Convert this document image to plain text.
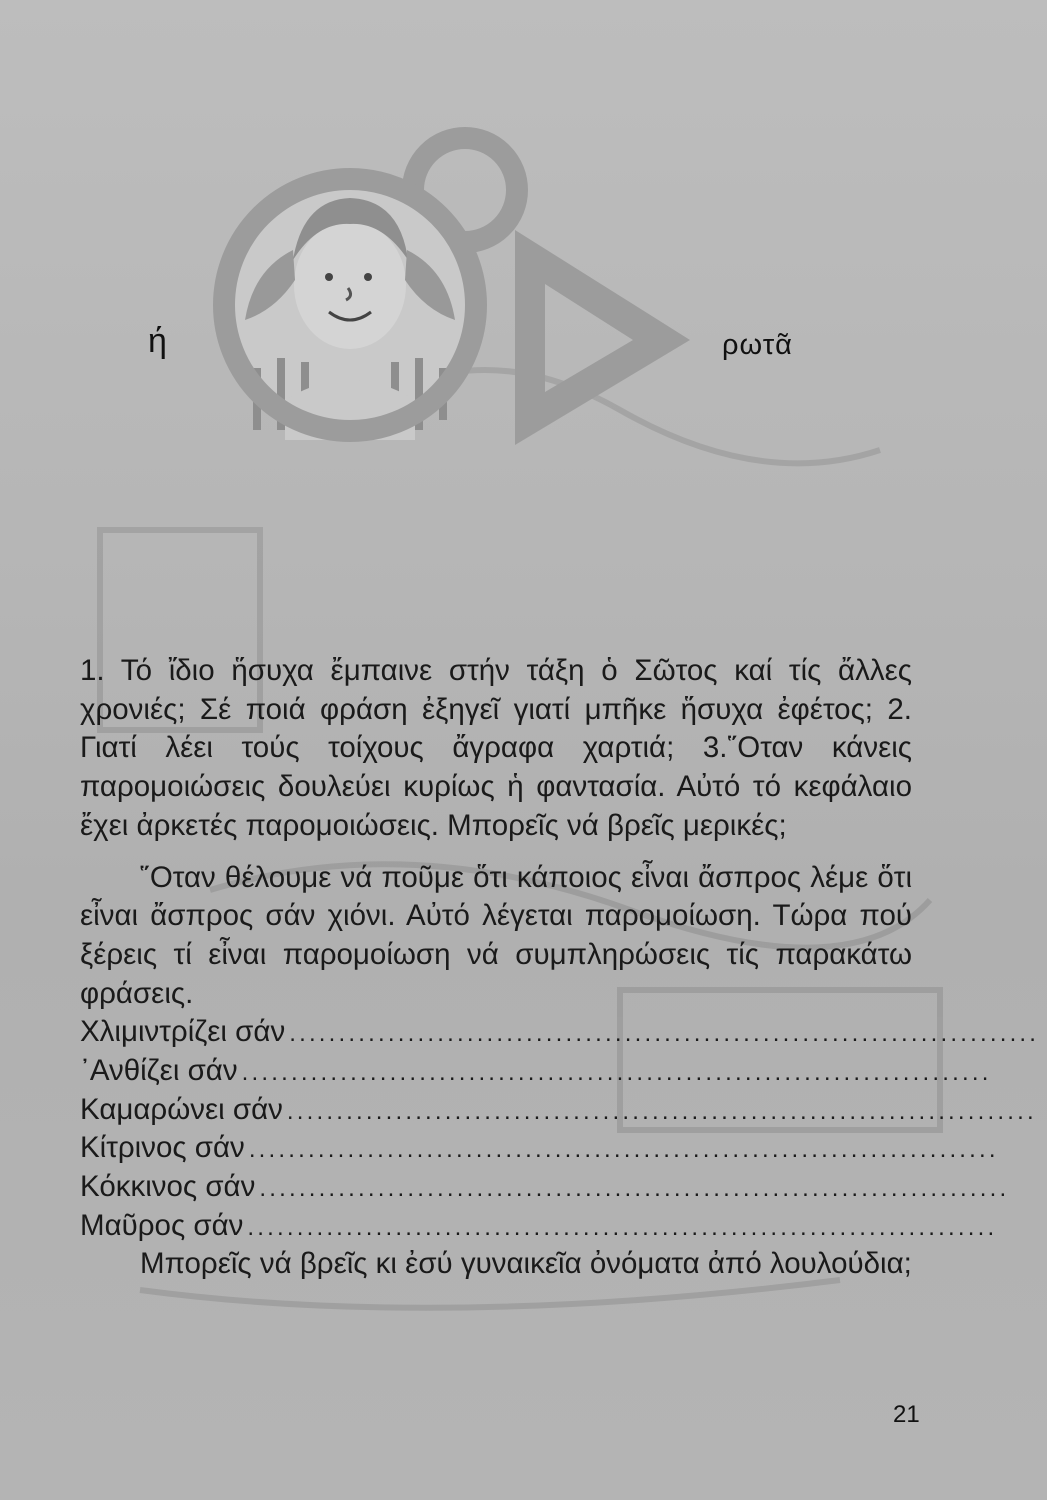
ή	ρωτᾶ

1. Τό ἴδιο ἥσυχα ἔμπαινε στήν τάξη ὁ Σῶτος καί τίς ἄλλες χρονιές; Σέ ποιά φράση ἐξηγεῖ γιατί μπῆκε ἥσυχα ἐφέτος; 2. Γιατί λέει τούς τοίχους ἄγραφα χαρτιά; 3.῞Οταν κάνεις παρομοιώσεις δουλεύει κυρίως ἡ φαντασία. Αὐτό τό κεφάλαιο ἔχει ἀρκετές παρομοιώσεις. Μπορεῖς νά βρεῖς μερικές;

῞Οταν θέλουμε νά ποῦμε ὅτι κάποιος εἶναι ἄσπρος λέμε ὅτι εἶναι ἄσπρος σάν χιόνι. Αὐτό λέγεται παρομοίωση. Τώρα πού ξέρεις τί εἶναι παρομοίωση νά συμπληρώσεις τίς παρακάτω φράσεις.

Χλιμιντρίζει σάν ............................................................................
᾿Ανθίζει σάν ............................................................................
Καμαρώνει σάν ............................................................................
Κίτρινος σάν ............................................................................
Κόκκινος σάν ............................................................................
Μαῦρος σάν ............................................................................

Μπορεῖς νά βρεῖς κι ἐσύ γυναικεῖα ὀνόματα ἀπό λουλούδια;

21
